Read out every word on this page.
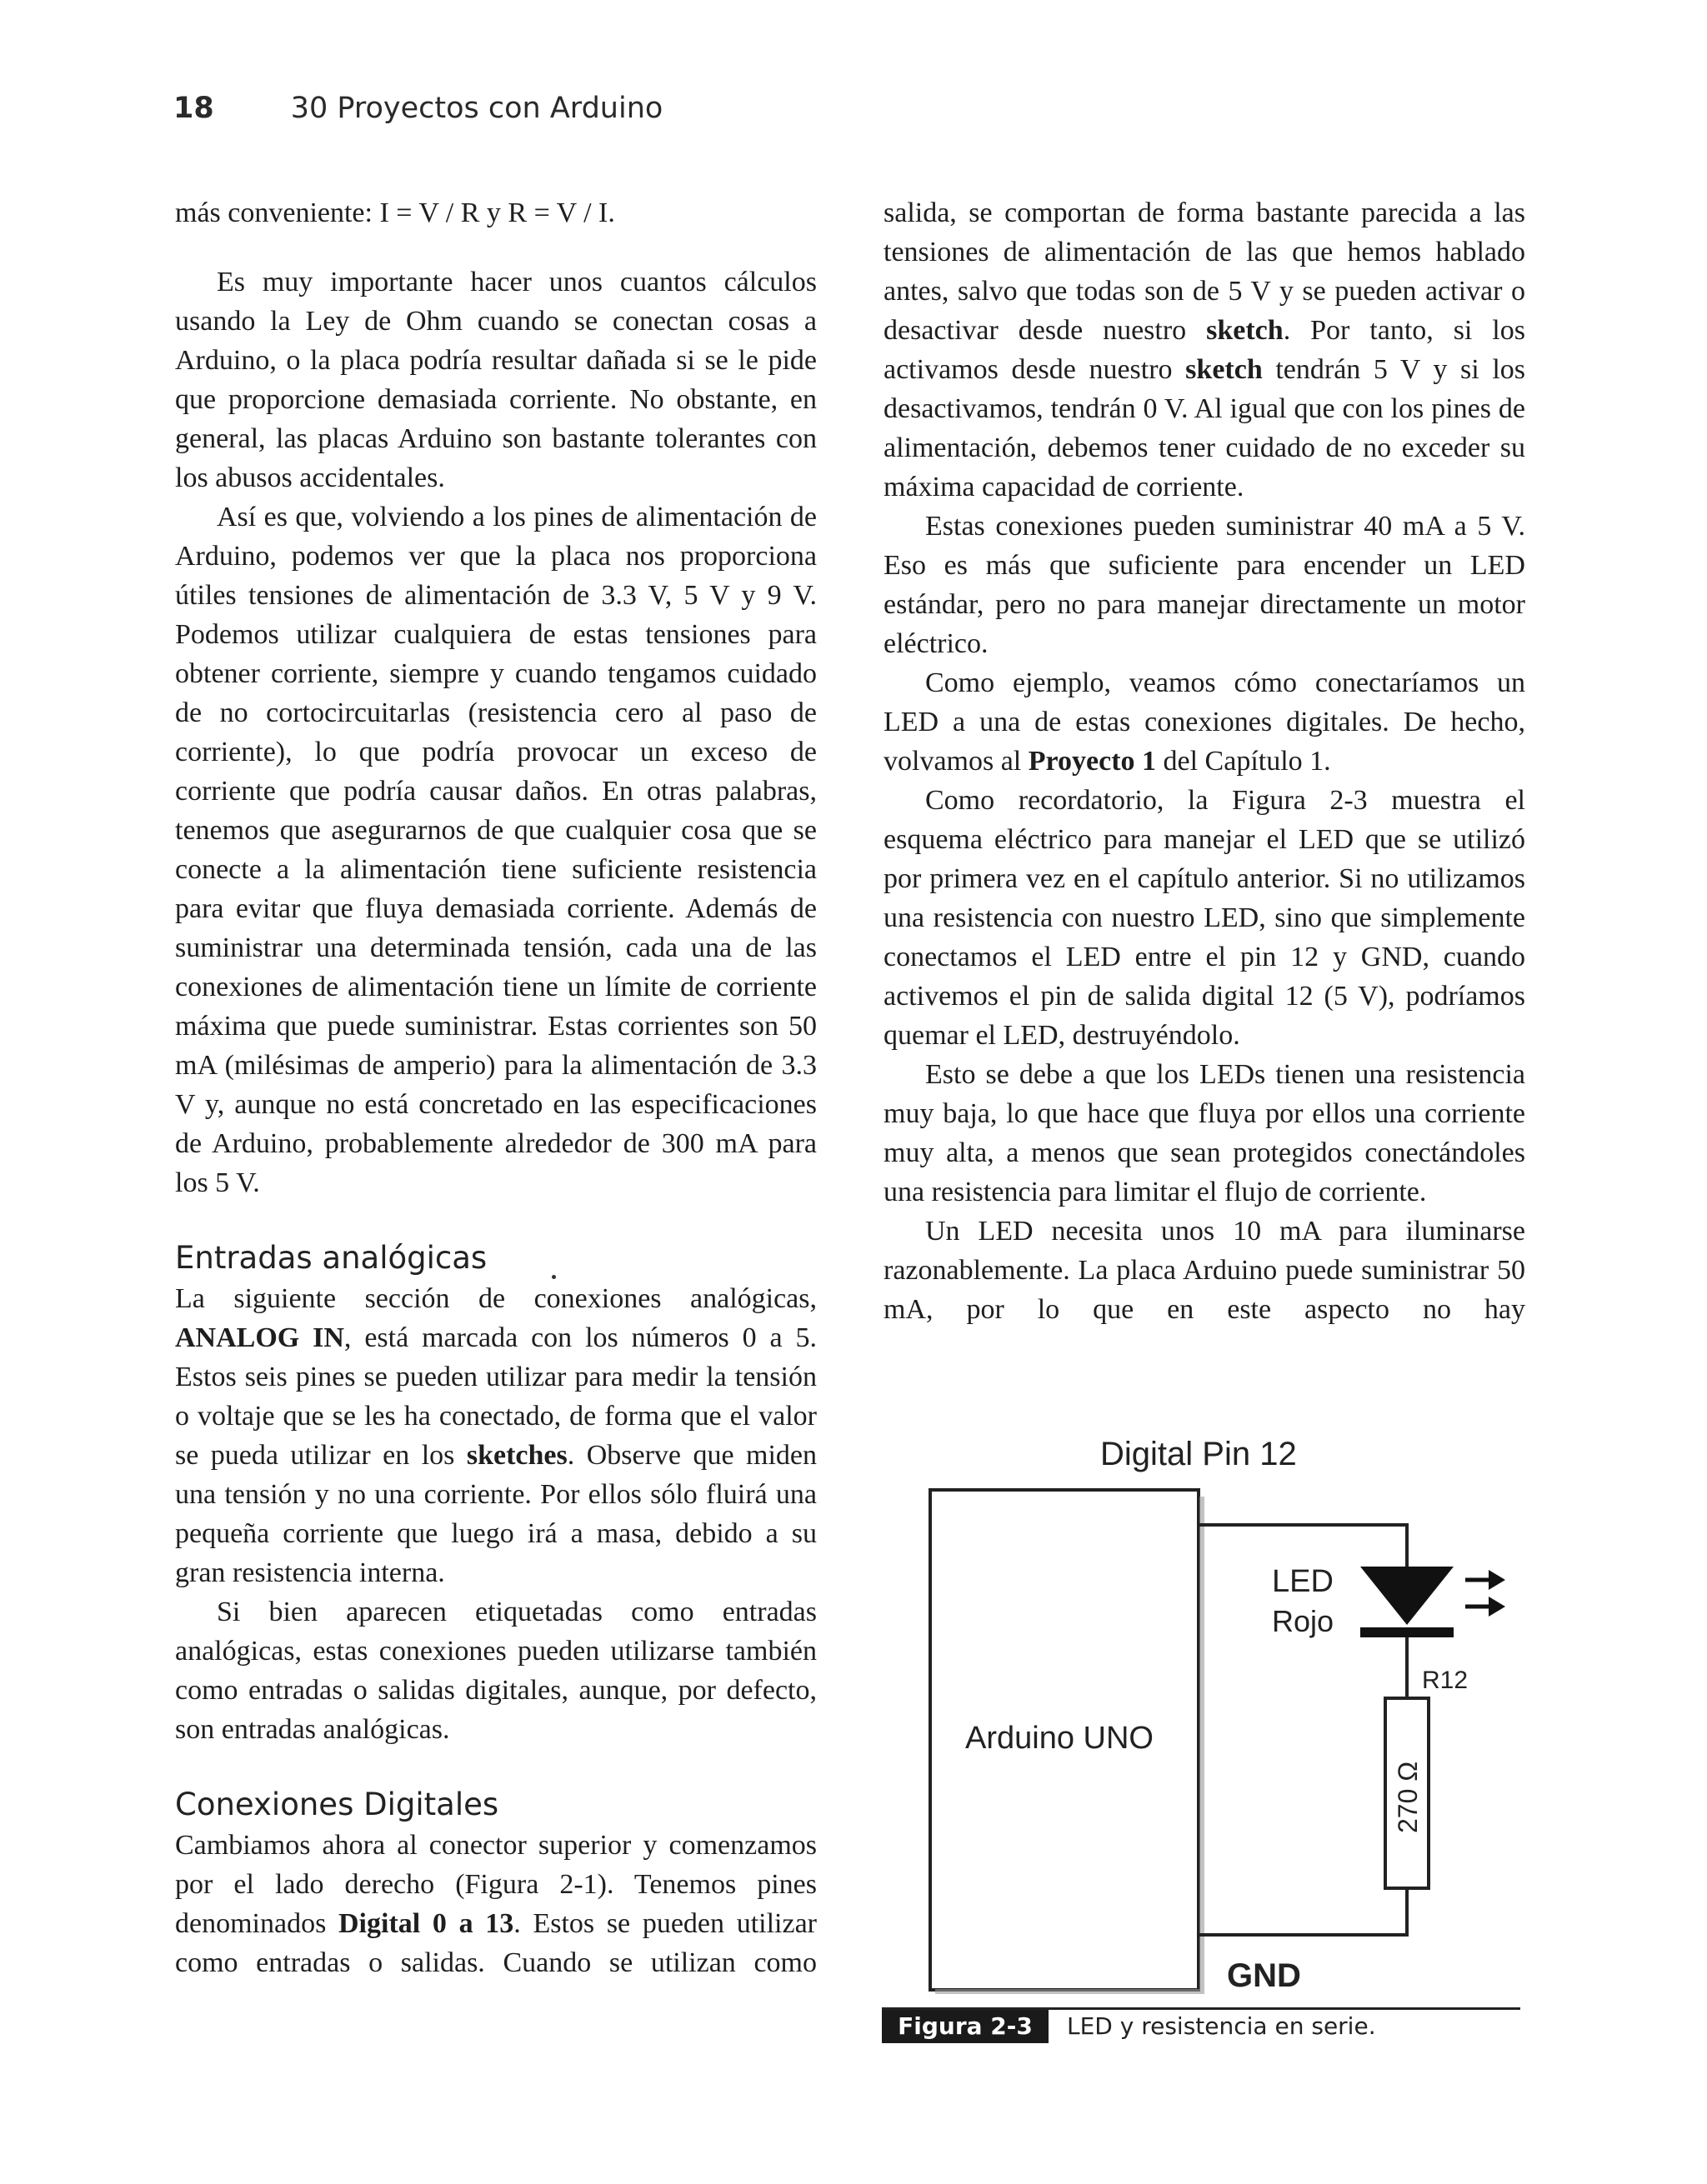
18	30 Proyectos con Arduino

más conveniente: I = V / R y R = V / I.

Es muy importante hacer unos cuantos cálculos usando la Ley de Ohm cuando se conectan cosas a Arduino, o la placa podría resultar dañada si se le pide que proporcione demasiada corriente. No obstante, en general, las placas Arduino son bastante tolerantes con los abusos accidentales.

Así es que, volviendo a los pines de alimentación de Arduino, podemos ver que la placa nos proporciona útiles tensiones de alimentación de 3.3 V, 5 V y 9 V. Podemos utilizar cualquiera de estas tensiones para obtener corriente, siempre y cuando tengamos cuidado de no cortocircuitarlas (resistencia cero al paso de corriente), lo que podría provocar un exceso de corriente que podría causar daños. En otras palabras, tenemos que asegurarnos de que cualquier cosa que se conecte a la alimentación tiene suficiente resistencia para evitar que fluya demasiada corriente. Además de suministrar una determinada tensión, cada una de las conexiones de alimentación tiene un límite de corriente máxima que puede suministrar. Estas corrientes son 50 mA (milésimas de amperio) para la alimentación de 3.3 V y, aunque no está concretado en las especificaciones de Arduino, probablemente alrededor de 300 mA para los 5 V.

Entradas analógicas

La siguiente sección de conexiones analógicas, ANALOG IN, está marcada con los números 0 a 5. Estos seis pines se pueden utilizar para medir la tensión o voltaje que se les ha conectado, de forma que el valor se pueda utilizar en los sketches. Observe que miden una tensión y no una corriente. Por ellos sólo fluirá una pequeña corriente que luego irá a masa, debido a su gran resistencia interna.

Si bien aparecen etiquetadas como entradas analógicas, estas conexiones pueden utilizarse también como entradas o salidas digitales, aunque, por defecto, son entradas analógicas.

Conexiones Digitales

Cambiamos ahora al conector superior y comenzamos por el lado derecho (Figura 2-1). Tenemos pines denominados Digital 0 a 13. Estos se pueden utilizar como entradas o salidas. Cuando se utilizan como

salida, se comportan de forma bastante parecida a las tensiones de alimentación de las que hemos hablado antes, salvo que todas son de 5 V y se pueden activar o desactivar desde nuestro sketch. Por tanto, si los activamos desde nuestro sketch tendrán 5 V y si los desactivamos, tendrán 0 V. Al igual que con los pines de alimentación, debemos tener cuidado de no exceder su máxima capacidad de corriente.

Estas conexiones pueden suministrar 40 mA a 5 V. Eso es más que suficiente para encender un LED estándar, pero no para manejar directamente un motor eléctrico.

Como ejemplo, veamos cómo conectaríamos un LED a una de estas conexiones digitales. De hecho, volvamos al Proyecto 1 del Capítulo 1.

Como recordatorio, la Figura 2-3 muestra el esquema eléctrico para manejar el LED que se utilizó por primera vez en el capítulo anterior. Si no utilizamos una resistencia con nuestro LED, sino que simplemente conectamos el LED entre el pin 12 y GND, cuando activemos el pin de salida digital 12 (5 V), podríamos quemar el LED, destruyéndolo.

Esto se debe a que los LEDs tienen una resistencia muy baja, lo que hace que fluya por ellos una corriente muy alta, a menos que sean protegidos conectándoles una resistencia para limitar el flujo de corriente.

Un LED necesita unos 10 mA para iluminarse razonablemente. La placa Arduino puede suministrar 50 mA, por lo que en este aspecto no hay

Digital Pin 12
LED
Rojo
R12
270 Ω
Arduino UNO
GND
Figura 2-3	LED y resistencia en serie.
